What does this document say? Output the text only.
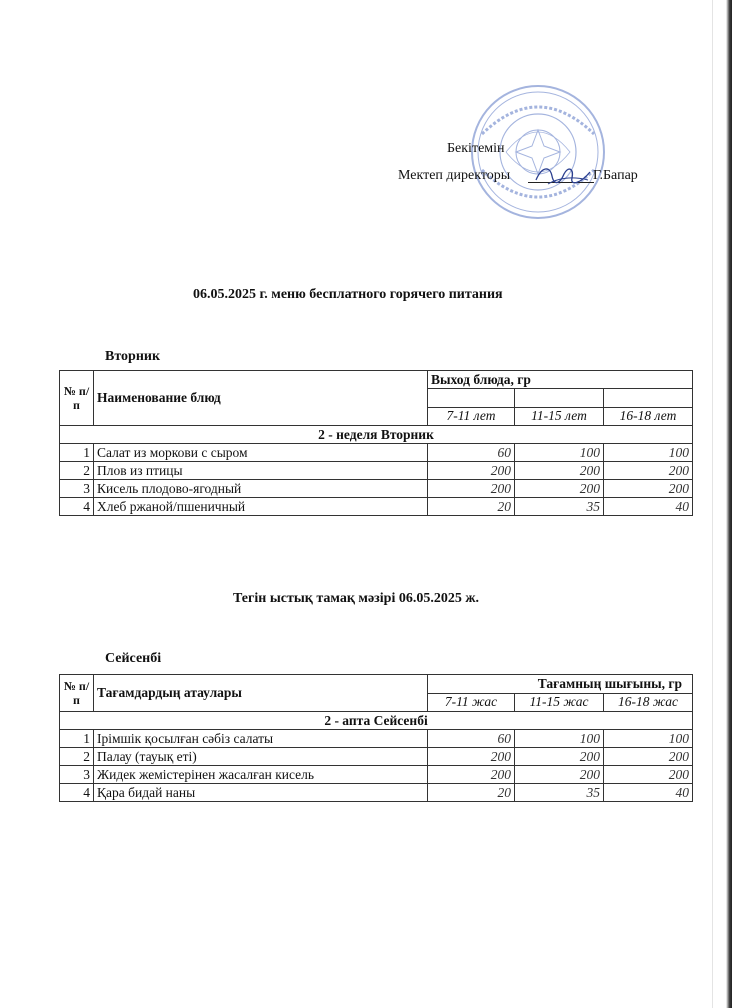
Бекітемін
Мектеп директоры	Г.Бапар
06.05.2025 г. меню бесплатного горячего питания
Вторник
№ п/п	Наименование блюд	Выход блюда, гр		

		7-11 лет	11-15 лет	16-18 лет
2 - неделя Вторник				
1	Салат из моркови с сыром	60	100	100
2	Плов из птицы	200	200	200
3	Кисель плодово-ягодный	200	200	200
4	Хлеб ржаной/пшеничный	20	35	40
Тегін ыстық тамақ мәзірі 06.05.2025 ж.
Сейсенбі
№ п/п	Тағамдардың атаулары	Тағамның шығыны, гр		
		7-11 жас	11-15 жас	16-18 жас
2 - апта Сейсенбі				
1	Ірімшік қосылған сәбіз салаты	60	100	100
2	Палау (тауық еті)	200	200	200
3	Жидек жемістерінен жасалған кисель	200	200	200
4	Қара бидай наны	20	35	40
